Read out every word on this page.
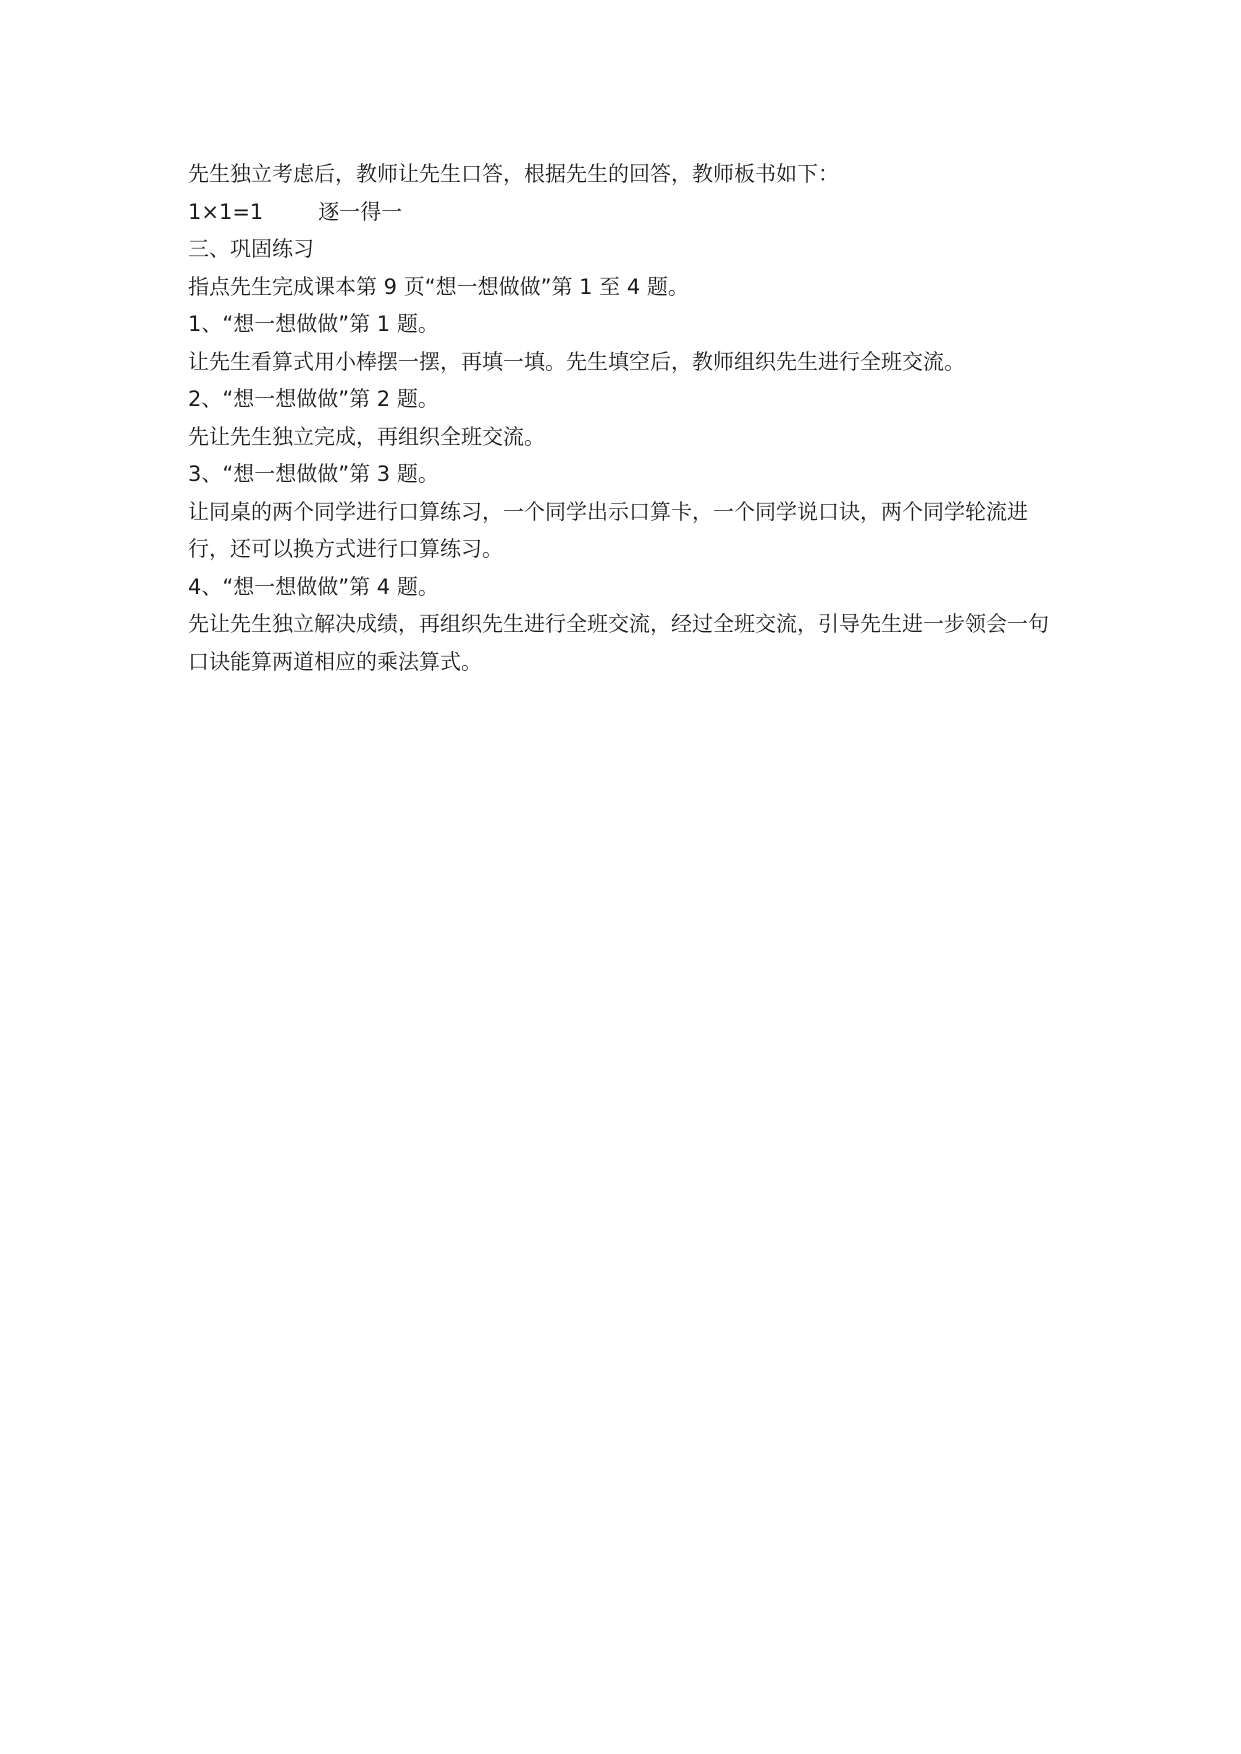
先生独立考虑后，教师让先生口答，根据先生的回答，教师板书如下：

1×1=1	逐一得一

三、巩固练习

指点先生完成课本第 9 页“想一想做做”第 1 至 4 题。

1、“想一想做做”第 1 题。

让先生看算式用小棒摆一摆，再填一填。先生填空后，教师组织先生进行全班交流。

2、“想一想做做”第 2 题。

先让先生独立完成，再组织全班交流。

3、“想一想做做”第 3 题。

让同桌的两个同学进行口算练习，一个同学出示口算卡，一个同学说口诀，两个同学轮流进行，还可以换方式进行口算练习。

4、“想一想做做”第 4 题。

先让先生独立解决成绩，再组织先生进行全班交流，经过全班交流，引导先生进一步领会一句口诀能算两道相应的乘法算式。
